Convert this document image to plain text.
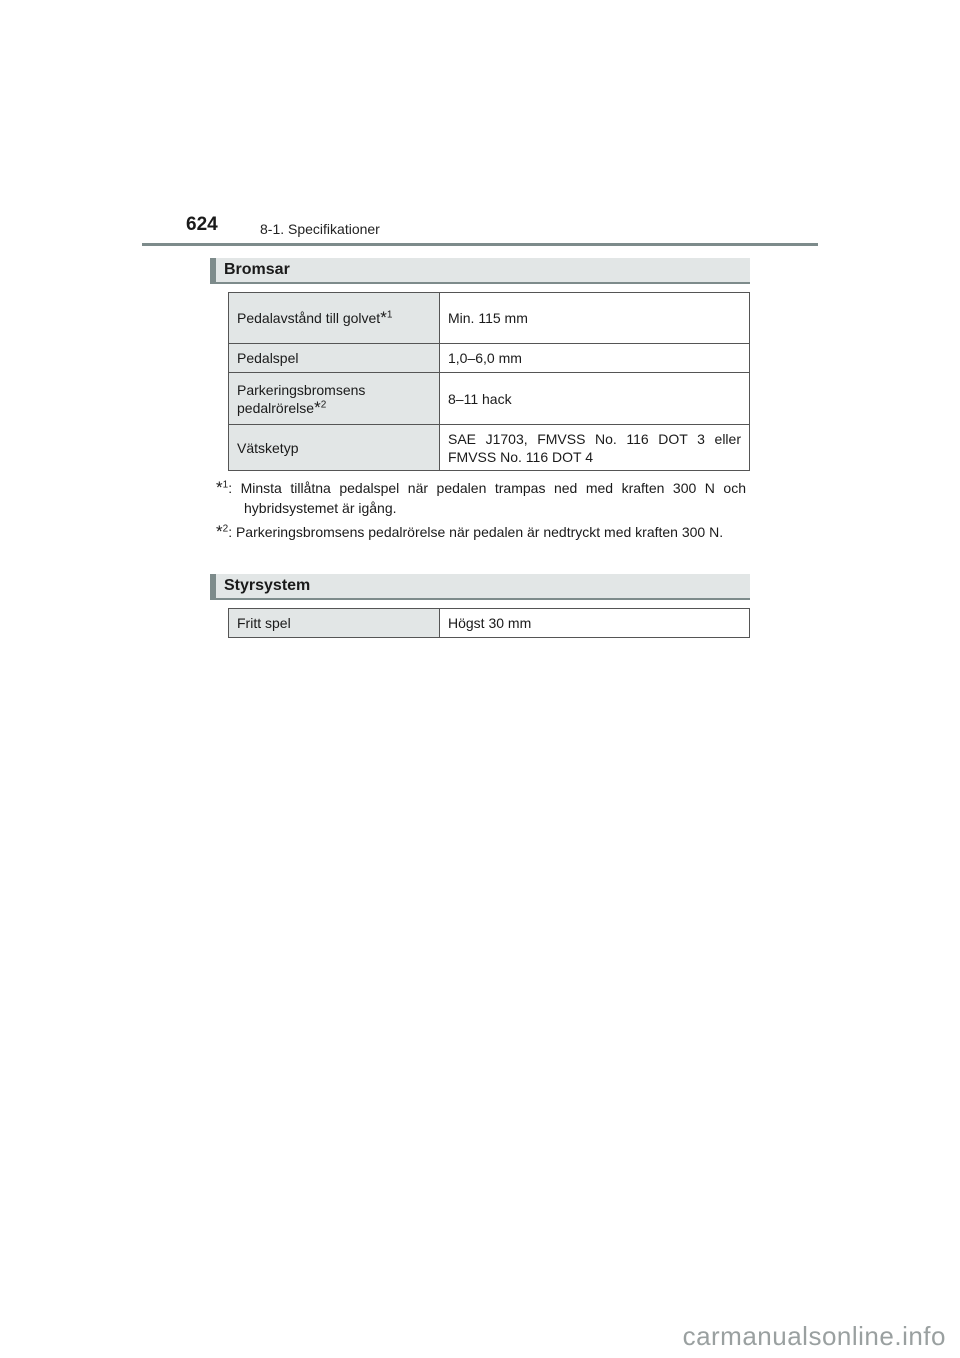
624	8-1. Specifikationer
Bromsar
Pedalavstånd till golvet*$^1$	Min. 115 mm
Pedalspel	1,0–6,0 mm
Parkeringsbromsens
pedalrörelse*$^2$	8–11 hack
Vätsketyp	SAE J1703, FMVSS No. 116 DOT 3 eller FMVSS No. 116 DOT 4
*$^1$: Minsta tillåtna pedalspel när pedalen trampas ned med kraften 300 N och hybridsystemet är igång.
*$^2$: Parkeringsbromsens pedalrörelse när pedalen är nedtryckt med kraften 300 N.
Styrsystem
Fritt spel	Högst 30 mm
carmanualsonline.info
